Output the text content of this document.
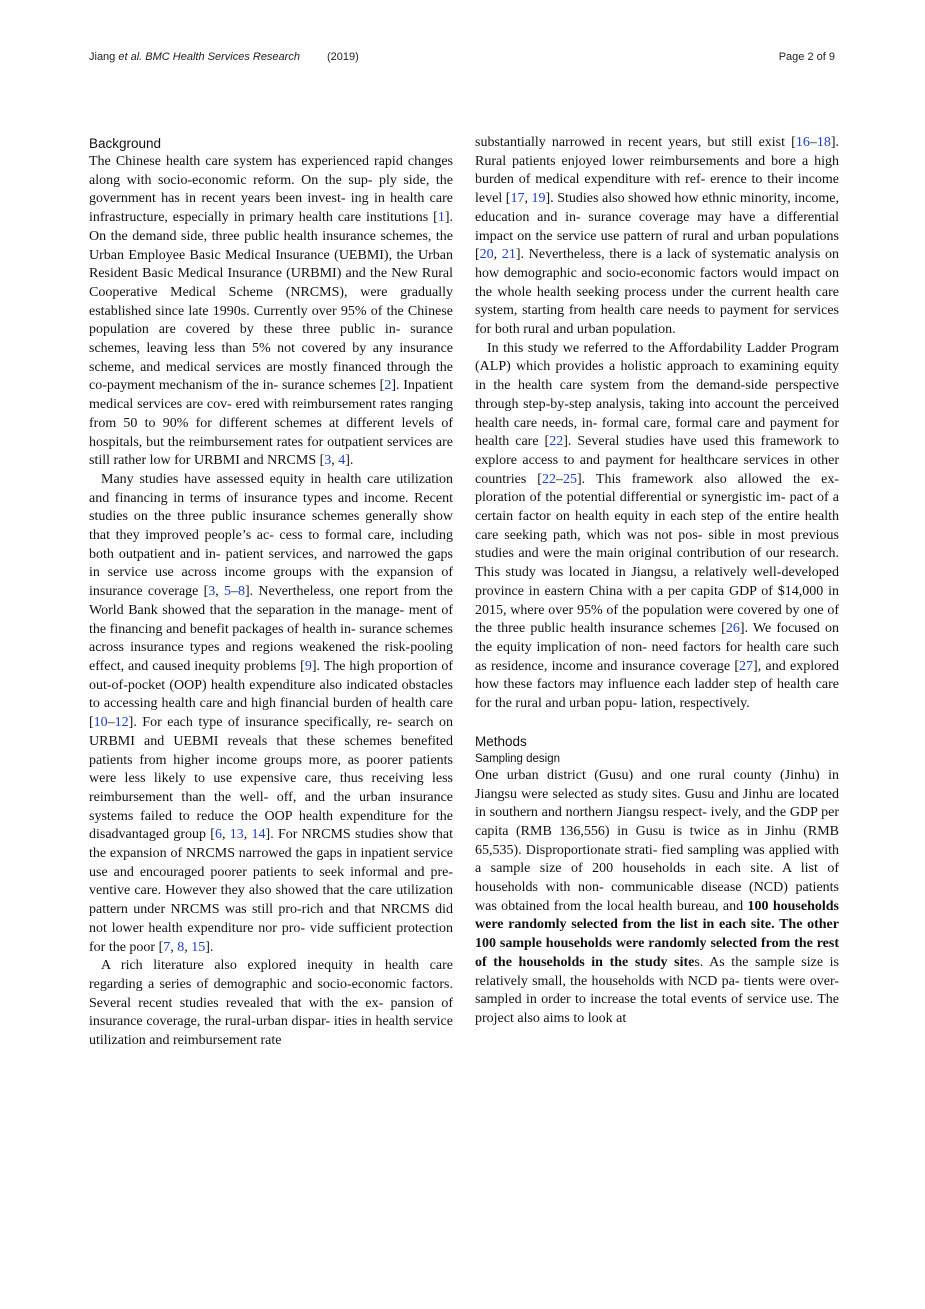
Jiang et al. BMC Health Services Research (2019)	Page 2 of 9
Background

The Chinese health care system has experienced rapid changes along with socio-economic reform. On the sup- ply side, the government has in recent years been invest- ing in health care infrastructure, especially in primary health care institutions [1]. On the demand side, three public health insurance schemes, the Urban Employee Basic Medical Insurance (UEBMI), the Urban Resident Basic Medical Insurance (URBMI) and the New Rural Cooperative Medical Scheme (NRCMS), were gradually established since late 1990s. Currently over 95% of the Chinese population are covered by these three public in- surance schemes, leaving less than 5% not covered by any insurance scheme, and medical services are mostly financed through the co-payment mechanism of the in- surance schemes [2]. Inpatient medical services are cov- ered with reimbursement rates ranging from 50 to 90% for different schemes at different levels of hospitals, but the reimbursement rates for outpatient services are still rather low for URBMI and NRCMS [3, 4].

Many studies have assessed equity in health care utilization and financing in terms of insurance types and income. Recent studies on the three public insurance schemes generally show that they improved people’s ac- cess to formal care, including both outpatient and in- patient services, and narrowed the gaps in service use across income groups with the expansion of insurance coverage [3, 5–8]. Nevertheless, one report from the World Bank showed that the separation in the manage- ment of the financing and benefit packages of health in- surance schemes across insurance types and regions weakened the risk-pooling effect, and caused inequity problems [9]. The high proportion of out-of-pocket (OOP) health expenditure also indicated obstacles to accessing health care and high financial burden of health care [10–12]. For each type of insurance specifically, re- search on URBMI and UEBMI reveals that these schemes benefited patients from higher income groups more, as poorer patients were less likely to use expensive care, thus receiving less reimbursement than the well- off, and the urban insurance systems failed to reduce the OOP health expenditure for the disadvantaged group [6, 13, 14]. For NRCMS studies show that the expansion of NRCMS narrowed the gaps in inpatient service use and encouraged poorer patients to seek informal and pre- ventive care. However they also showed that the care utilization pattern under NRCMS was still pro-rich and that NRCMS did not lower health expenditure nor pro- vide sufficient protection for the poor [7, 8, 15].

A rich literature also explored inequity in health care regarding a series of demographic and socio-economic factors. Several recent studies revealed that with the ex- pansion of insurance coverage, the rural-urban dispar- ities in health service utilization and reimbursement rate

substantially narrowed in recent years, but still exist [16–18]. Rural patients enjoyed lower reimbursements and bore a high burden of medical expenditure with ref- erence to their income level [17, 19]. Studies also showed how ethnic minority, income, education and in- surance coverage may have a differential impact on the service use pattern of rural and urban populations [20, 21]. Nevertheless, there is a lack of systematic analysis on how demographic and socio-economic factors would impact on the whole health seeking process under the current health care system, starting from health care needs to payment for services for both rural and urban population.

In this study we referred to the Affordability Ladder Program (ALP) which provides a holistic approach to examining equity in the health care system from the demand-side perspective through step-by-step analysis, taking into account the perceived health care needs, in- formal care, formal care and payment for health care [22]. Several studies have used this framework to explore access to and payment for healthcare services in other countries [22–25]. This framework also allowed the ex- ploration of the potential differential or synergistic im- pact of a certain factor on health equity in each step of the entire health care seeking path, which was not pos- sible in most previous studies and were the main original contribution of our research. This study was located in Jiangsu, a relatively well-developed province in eastern China with a per capita GDP of $14,000 in 2015, where over 95% of the population were covered by one of the three public health insurance schemes [26]. We focused on the equity implication of non- need factors for health care such as residence, income and insurance coverage [27], and explored how these factors may influence each ladder step of health care for the rural and urban popu- lation, respectively.

Methods
Sampling design

One urban district (Gusu) and one rural county (Jinhu) in Jiangsu were selected as study sites. Gusu and Jinhu are located in southern and northern Jiangsu respect- ively, and the GDP per capita (RMB 136,556) in Gusu is twice as in Jinhu (RMB 65,535). Disproportionate strati- fied sampling was applied with a sample size of 200 households in each site. A list of households with non- communicable disease (NCD) patients was obtained from the local health bureau, and 100 households were randomly selected from the list in each site. The other 100 sample households were randomly selected from the rest of the households in the study sites. As the sample size is relatively small, the households with NCD pa- tients were over-sampled in order to increase the total events of service use. The project also aims to look at
